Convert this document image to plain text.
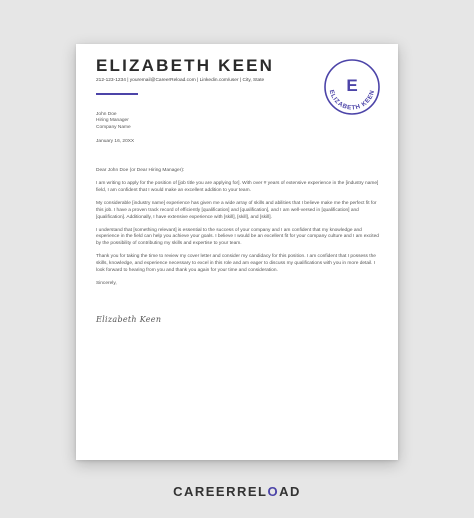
ELIZABETH KEEN
212-123-1234 | youremail@CareerReload.com | Linkedin.com/user | City, State	E
ELIZABETH KEEN
John Doe
Hiring Manager
Company Name
January 16, 20XX

Dear John Doe (or Dear Hiring Manager):

I am writing to apply for the position of [job title you are applying for]. With over # years of extensive experience in the [industry name] field, I am confident that I would make an excellent addition to your team.

My considerable [industry name] experience has given me a wide array of skills and abilities that I believe make me the perfect fit for this job. I have a proven track record of efficiently [qualification] and [qualification], and I am well-versed in [qualification] and [qualification]. Additionally, I have extensive experience with [skill], [skill], and [skill].

I understand that [something relevant] is essential to the success of your company and I am confident that my knowledge and experience in the field can help you achieve your goals. I believe I would be an excellent fit for your company culture and I am excited by the possibility of contributing my skills and expertise to your team.

Thank you for taking the time to review my cover letter and consider my candidacy for this position. I am confident that I possess the skills, knowledge, and experience necessary to excel in this role and am eager to discuss my qualifications with you in more detail. I look forward to hearing from you and thank you again for your time and consideration.

Sincerely,

Elizabeth Keen
CAREERRELOAD
